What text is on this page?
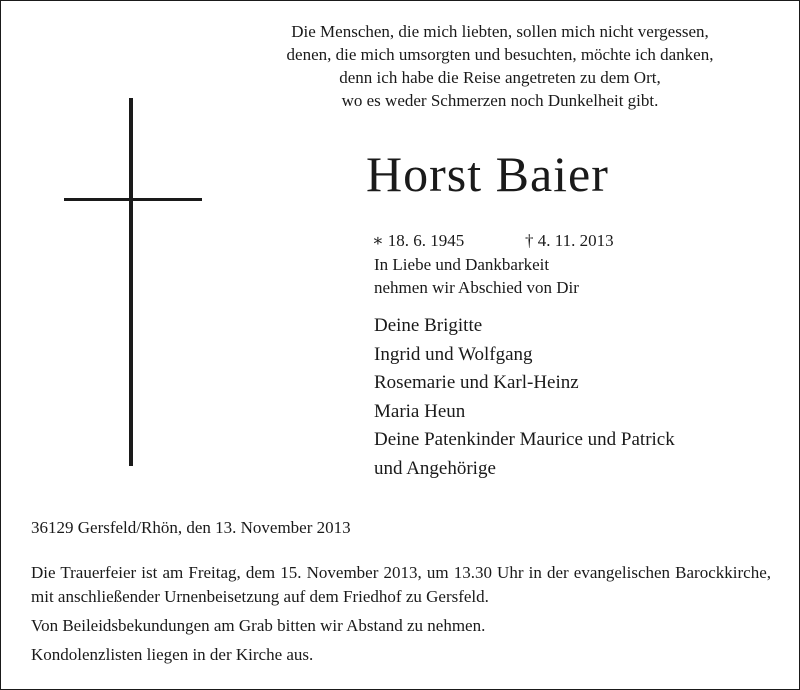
Die Menschen, die mich liebten, sollen mich nicht vergessen,
denen, die mich umsorgten und besuchten, möchte ich danken,
denn ich habe die Reise angetreten zu dem Ort,
wo es weder Schmerzen noch Dunkelheit gibt.
Horst Baier
∗ 18. 6. 1945	† 4. 11. 2013
In Liebe und Dankbarkeit
nehmen wir Abschied von Dir
Deine Brigitte
Ingrid und Wolfgang
Rosemarie und Karl-Heinz
Maria Heun
Deine Patenkinder Maurice und Patrick
und Angehörige
36129 Gersfeld/Rhön, den 13. November 2013
Die Trauerfeier ist am Freitag, dem 15. November 2013, um 13.30 Uhr in der evangelischen Barockkirche, mit anschließender Urnenbeisetzung auf dem Friedhof zu Gersfeld.
Von Beileidsbekundungen am Grab bitten wir Abstand zu nehmen.
Kondolenzlisten liegen in der Kirche aus.
